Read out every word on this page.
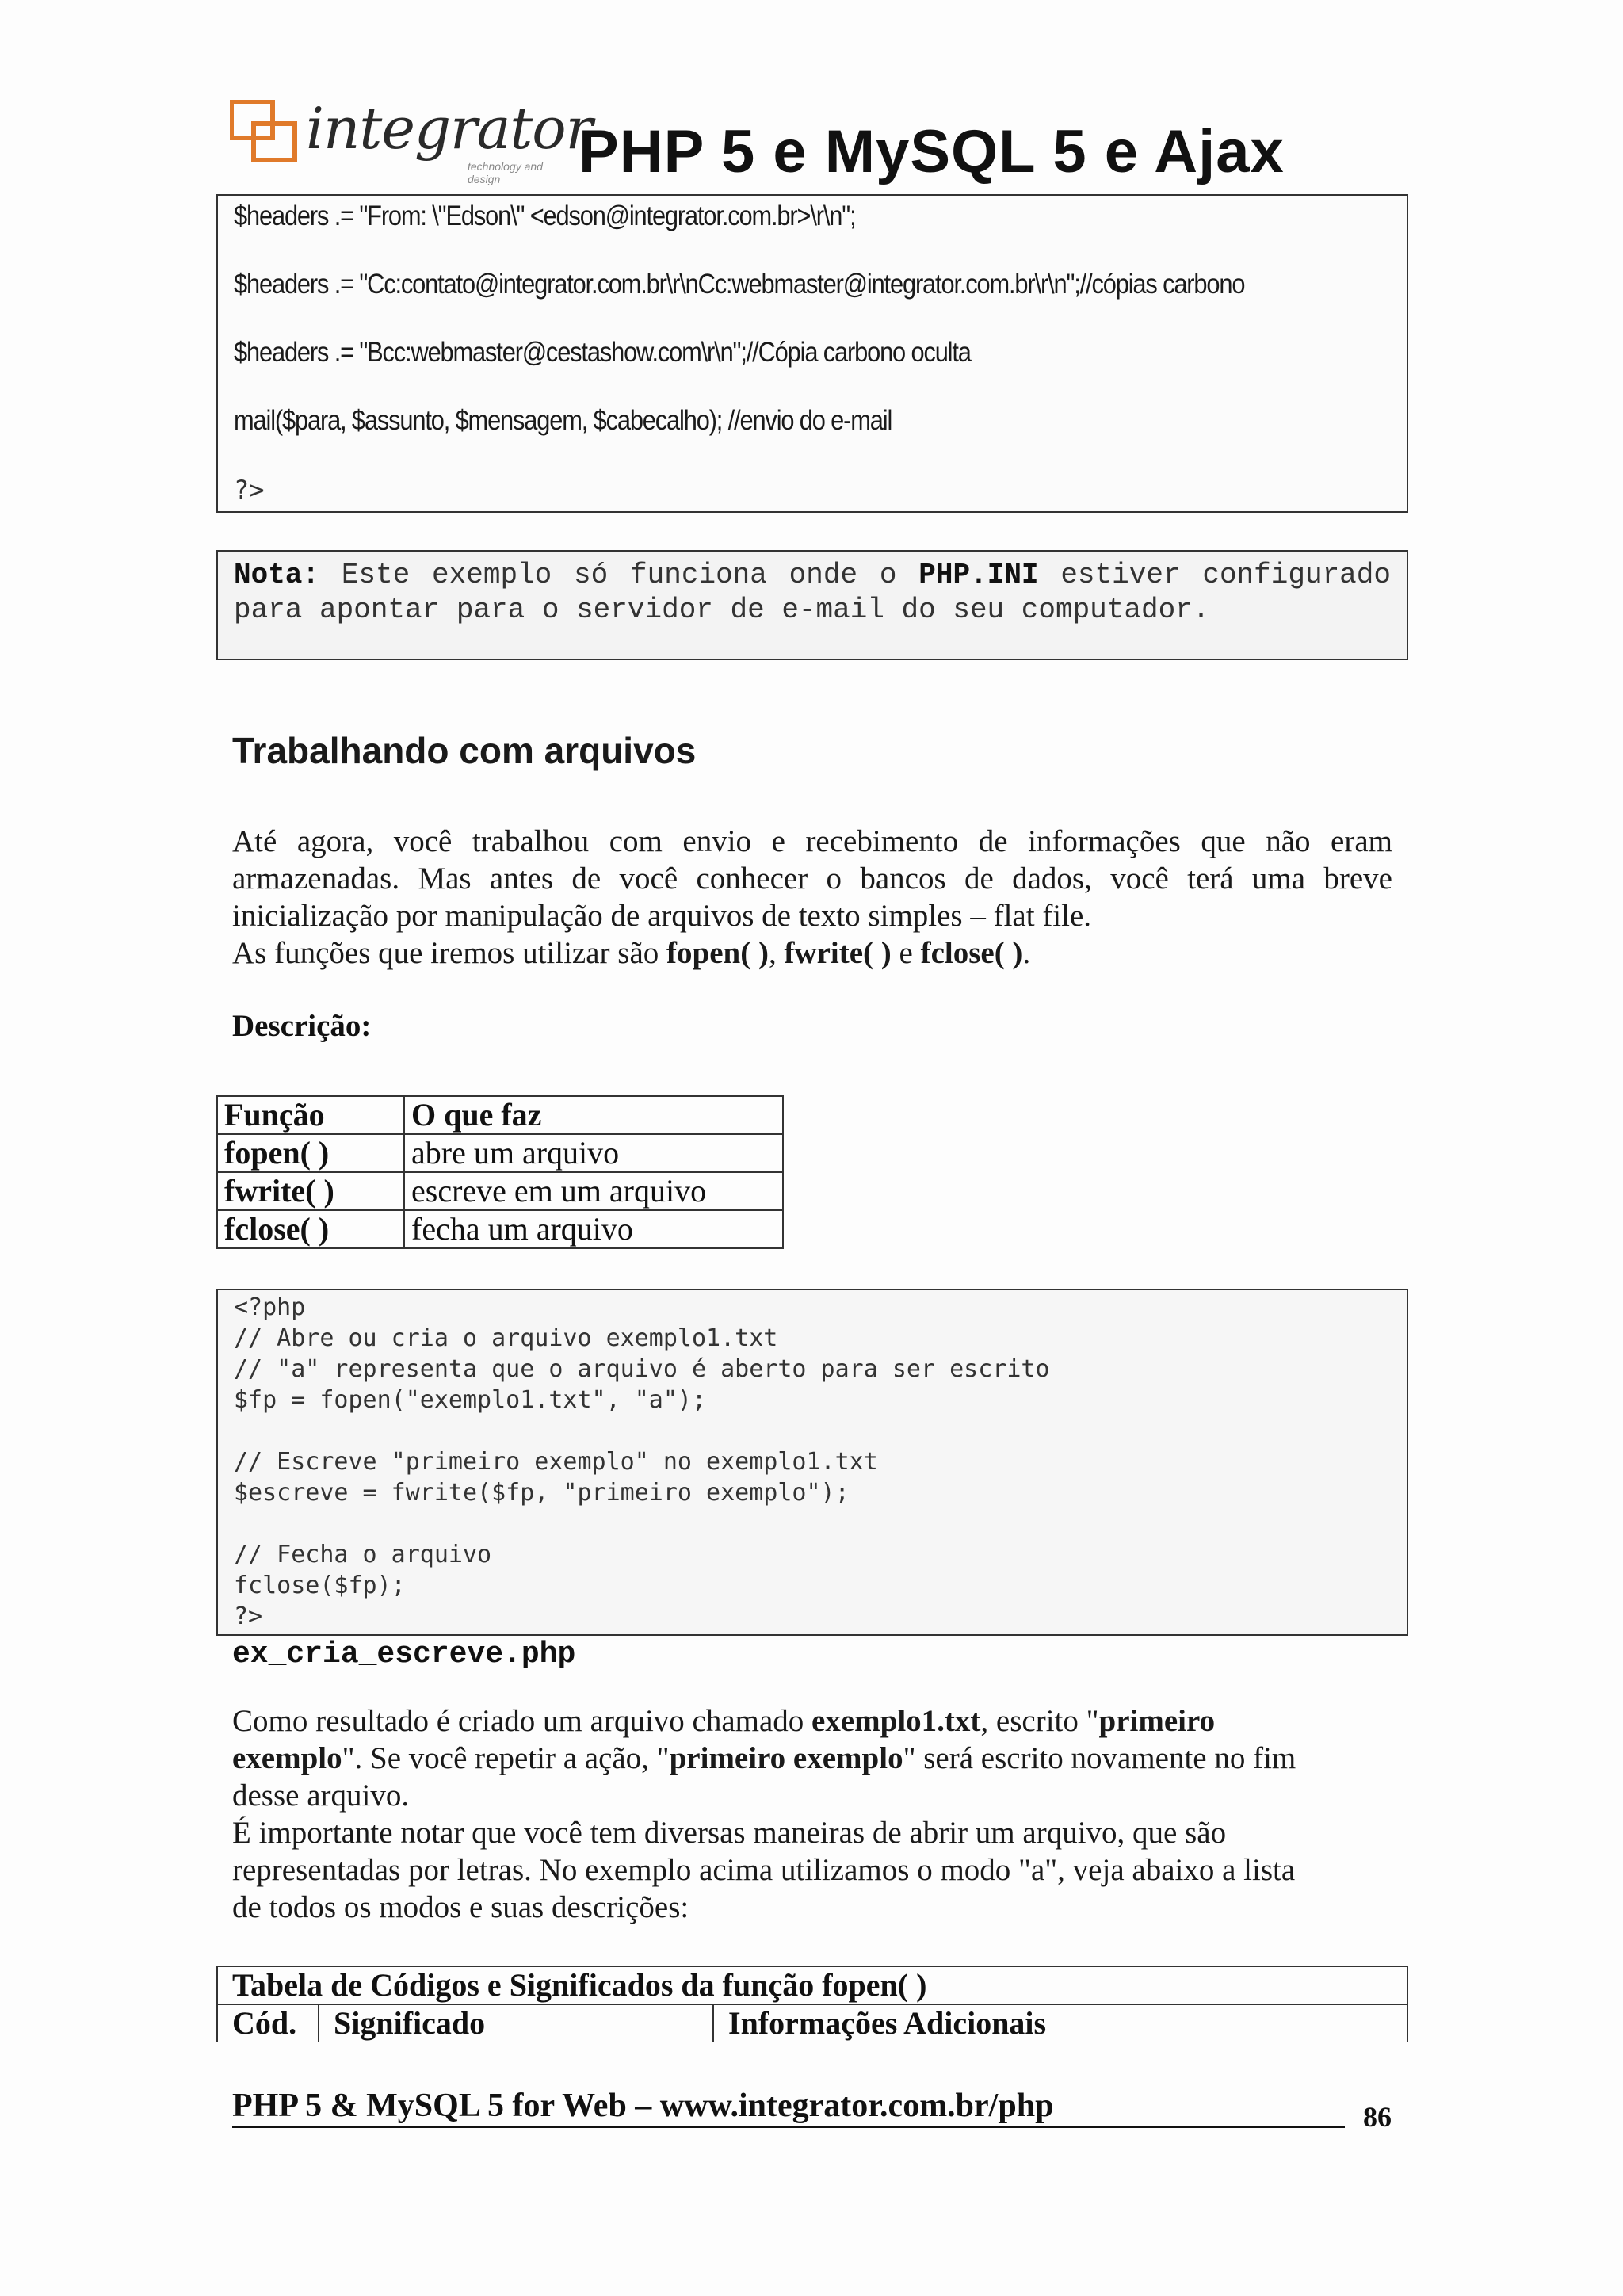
integrator
technology and design	PHP 5 e MySQL 5 e Ajax
$headers .= "From: \"Edson\" <edson@integrator.com.br>\r\n";
$headers .= "Cc:contato@integrator.com.br\r\nCc:webmaster@integrator.com.br\r\n";//cópias carbono
$headers .= "Bcc:webmaster@cestashow.com\r\n";//Cópia carbono oculta
mail($para, $assunto, $mensagem, $cabecalho); //envio do e-mail
?>
Nota: Este exemplo só funciona onde o PHP.INI estiver configurado para apontar para o servidor de e-mail do seu computador.
Trabalhando com arquivos
Até agora, você trabalhou com envio e recebimento de informações que não eram
armazenadas. Mas antes de você conhecer o bancos de dados, você terá uma breve
inicialização por manipulação de arquivos de texto simples – flat file.
As funções que iremos utilizar são fopen( ), fwrite( ) e fclose( ).
Descrição:
Função	O que faz
fopen( )	abre um arquivo
fwrite( )	escreve em um arquivo
fclose( )	fecha um arquivo
<?php
// Abre ou cria o arquivo exemplo1.txt
// "a" representa que o arquivo é aberto para ser escrito
$fp = fopen("exemplo1.txt", "a");
// Escreve "primeiro exemplo" no exemplo1.txt
$escreve = fwrite($fp, "primeiro exemplo");
// Fecha o arquivo
fclose($fp);
?>
ex_cria_escreve.php
Como resultado é criado um arquivo chamado exemplo1.txt, escrito "primeiro
exemplo". Se você repetir a ação, "primeiro exemplo" será escrito novamente no fim
desse arquivo.
É importante notar que você tem diversas maneiras de abrir um arquivo, que são
representadas por letras. No exemplo acima utilizamos o modo "a", veja abaixo a lista
de todos os modos e suas descrições:
Tabela de Códigos e Significados da função fopen( )
Cód.	Significado	Informações Adicionais
PHP 5 & MySQL 5 for Web – www.integrator.com.br/php	86
